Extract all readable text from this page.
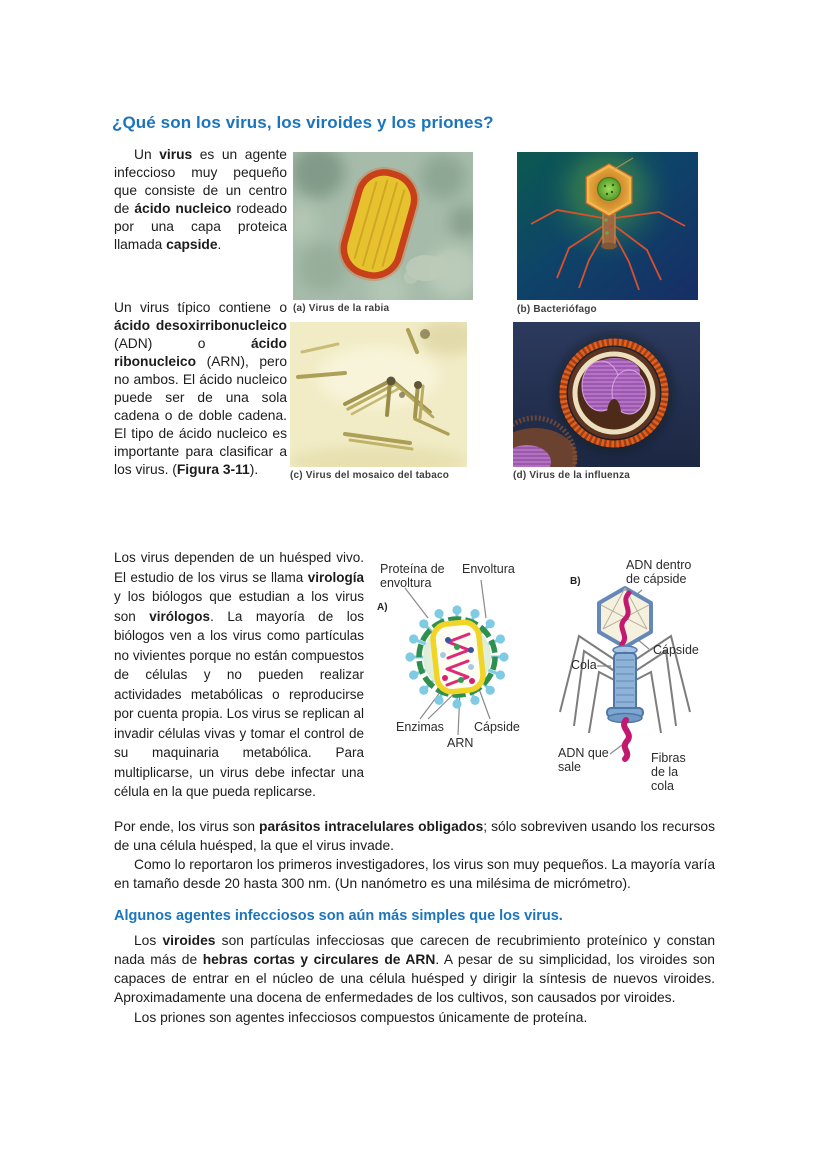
¿Qué son los virus, los viroides y los priones?
Un virus es un agente infeccioso muy pequeño que consiste de un centro de ácido nucleico rodeado por una capa proteica llamada capside.
Un virus típico contiene o ácido desoxirribonucleico (ADN) o ácido ribonucleico (ARN), pero no ambos. El ácido nucleico puede ser de una sola cadena o de doble cadena. El tipo de ácido nucleico es importante para clasificar a los virus. (Figura 3-11).
(a) Virus de la rabia	(b) Bacteriófago
(c) Virus del mosaico del tabaco	(d) Virus de la influenza
Los virus dependen de un huésped vivo. El estudio de los virus se llama virología y los biólogos que estudian a los virus son virólogos. La mayoría de los biólogos ven a los virus como partículas no vivientes porque no están compuestos de células y no pueden realizar actividades metabólicas o reproducirse por cuenta propia. Los virus se replican al invadir células vivas y tomar el control de su maquinaria metabólica. Para multiplicarse, un virus debe infectar una célula en la que pueda replicarse.
Proteína de envoltura
Envoltura
A)
Enzimas
ARN
Cápside
B)
ADN dentro de cápside
Cápside
Cola
ADN que sale
Fibras de la cola
Por ende, los virus son parásitos intracelulares obligados; sólo sobreviven usando los recursos de una célula huésped, la que el virus invade.
Como lo reportaron los primeros investigadores, los virus son muy pequeños. La mayoría varía en tamaño desde 20 hasta 300 nm. (Un nanómetro es una milésima de micrómetro).
Algunos agentes infecciosos son aún más simples que los virus.
Los viroides son partículas infecciosas que carecen de recubrimiento proteínico y constan nada más de hebras cortas y circulares de ARN. A pesar de su simplicidad, los viroides son capaces de entrar en el núcleo de una célula huésped y dirigir la síntesis de nuevos viroides. Aproximadamente una docena de enfermedades de los cultivos, son causados por viroides.
Los priones son agentes infecciosos compuestos únicamente de proteína.
